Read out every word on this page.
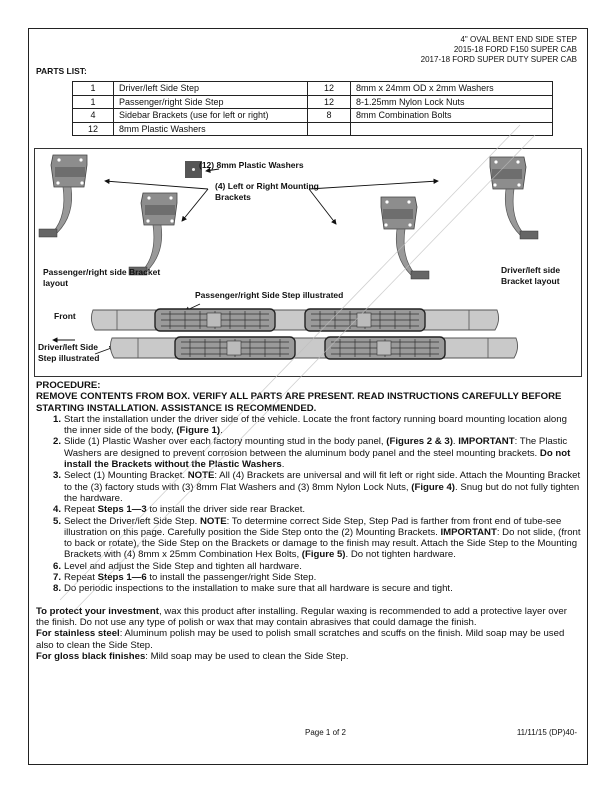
4" OVAL BENT END SIDE STEP
2015-18 FORD F150 SUPER CAB
2017-18 FORD SUPER DUTY SUPER CAB
PARTS LIST:
1	Driver/left Side Step	12	8mm x 24mm OD x 2mm Washers
1	Passenger/right Side Step	12	8-1.25mm Nylon Lock Nuts
4	Sidebar Brackets (use for left or right)	8	8mm Combination Bolts
12	8mm Plastic Washers		
(12) 8mm Plastic Washers
(4) Left or Right Mounting Brackets
Passenger/right side Bracket layout
Passenger/right Side Step illustrated
Driver/left side Bracket layout
Front
Driver/left Side Step illustrated
PROCEDURE:
REMOVE CONTENTS FROM BOX. VERIFY ALL PARTS ARE PRESENT. READ INSTRUCTIONS CAREFULLY BEFORE STARTING INSTALLATION. ASSISTANCE IS RECOMMENDED.
1. Start the installation under the driver side of the vehicle. Locate the front factory running board mounting location along the inner side of the body, (Figure 1).
2. Slide (1) Plastic Washer over each factory mounting stud in the body panel, (Figures 2 & 3). IMPORTANT: The Plastic Washers are designed to prevent corrosion between the aluminum body panel and the steel mounting brackets. Do not install the Brackets without the Plastic Washers.
3. Select (1) Mounting Bracket. NOTE: All (4) Brackets are universal and will fit left or right side. Attach the Mounting Bracket to the (3) factory studs with (3) 8mm Flat Washers and (3) 8mm Nylon Lock Nuts, (Figure 4). Snug but do not fully tighten the hardware.
4. Repeat Steps 1—3 to install the driver side rear Bracket.
5. Select the Driver/left Side Step. NOTE: To determine correct Side Step, Step Pad is farther from front end of tube-see illustration on this page. Carefully position the Side Step onto the (2) Mounting Brackets. IMPORTANT: Do not slide, (front to back or rotate), the Side Step on the Brackets or damage to the finish may result. Attach the Side Step to the Mounting Brackets with (4) 8mm x 25mm Combination Hex Bolts, (Figure 5). Do not tighten hardware.
6. Level and adjust the Side Step and tighten all hardware.
7. Repeat Steps 1—6 to install the passenger/right Side Step.
8. Do periodic inspections to the installation to make sure that all hardware is secure and tight.
To protect your investment, wax this product after installing. Regular waxing is recommended to add a protective layer over the finish. Do not use any type of polish or wax that may contain abrasives that could damage the finish.
For stainless steel: Aluminum polish may be used to polish small scratches and scuffs on the finish. Mild soap may be used also to clean the Side Step.
For gloss black finishes: Mild soap may be used to clean the Side Step.
Page 1 of 2	11/11/15 (DP)40-
